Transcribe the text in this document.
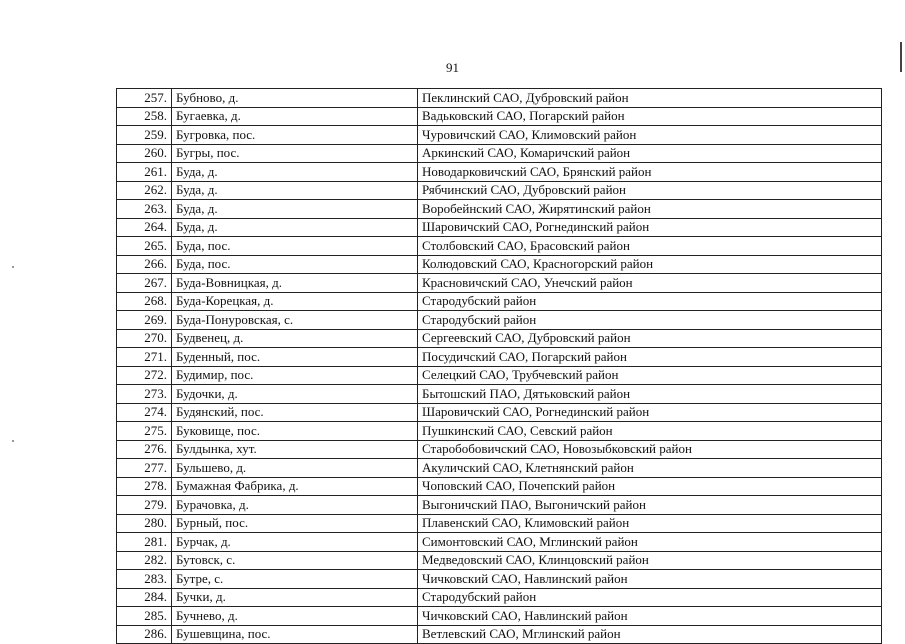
91
257.	Бубново, д.	Пеклинский САО, Дубровский район
258.	Бугаевка, д.	Вадьковский САО, Погарский район
259.	Бугровка, пос.	Чуровичский САО, Климовский район
260.	Бугры, пос.	Аркинский САО, Комаричский район
261.	Буда, д.	Новодарковичский САО, Брянский район
262.	Буда, д.	Рябчинский САО, Дубровский район
263.	Буда, д.	Воробейнский САО, Жирятинский район
264.	Буда, д.	Шаровичский САО, Рогнединский район
265.	Буда, пос.	Столбовский САО, Брасовский район
266.	Буда, пос.	Колюдовский САО, Красногорский район
267.	Буда-Вовницкая, д.	Красновичский САО, Унечский район
268.	Буда-Корецкая, д.	Стародубский район
269.	Буда-Понуровская, с.	Стародубский район
270.	Будвенец, д.	Сергеевский САО, Дубровский район
271.	Буденный, пос.	Посудичский САО, Погарский район
272.	Будимир, пос.	Селецкий САО, Трубчевский район
273.	Будочки, д.	Бытошский ПАО, Дятьковский район
274.	Будянский, пос.	Шаровичский САО, Рогнединский район
275.	Буковище, пос.	Пушкинский САО, Севский район
276.	Булдынка, хут.	Старобобовичский САО, Новозыбковский район
277.	Бульшево, д.	Акуличский САО, Клетнянский район
278.	Бумажная Фабрика, д.	Чоповский САО, Почепский район
279.	Бурачовка, д.	Выгоничский ПАО, Выгоничский район
280.	Бурный, пос.	Плавенский САО, Климовский район
281.	Бурчак, д.	Симонтовский САО, Мглинский район
282.	Бутовск, с.	Медведовский САО, Клинцовский район
283.	Бутре, с.	Чичковский САО, Навлинский район
284.	Бучки, д.	Стародубский район
285.	Бучнево, д.	Чичковский САО, Навлинский район
286.	Бушевщина, пос.	Ветлевский САО, Мглинский район
